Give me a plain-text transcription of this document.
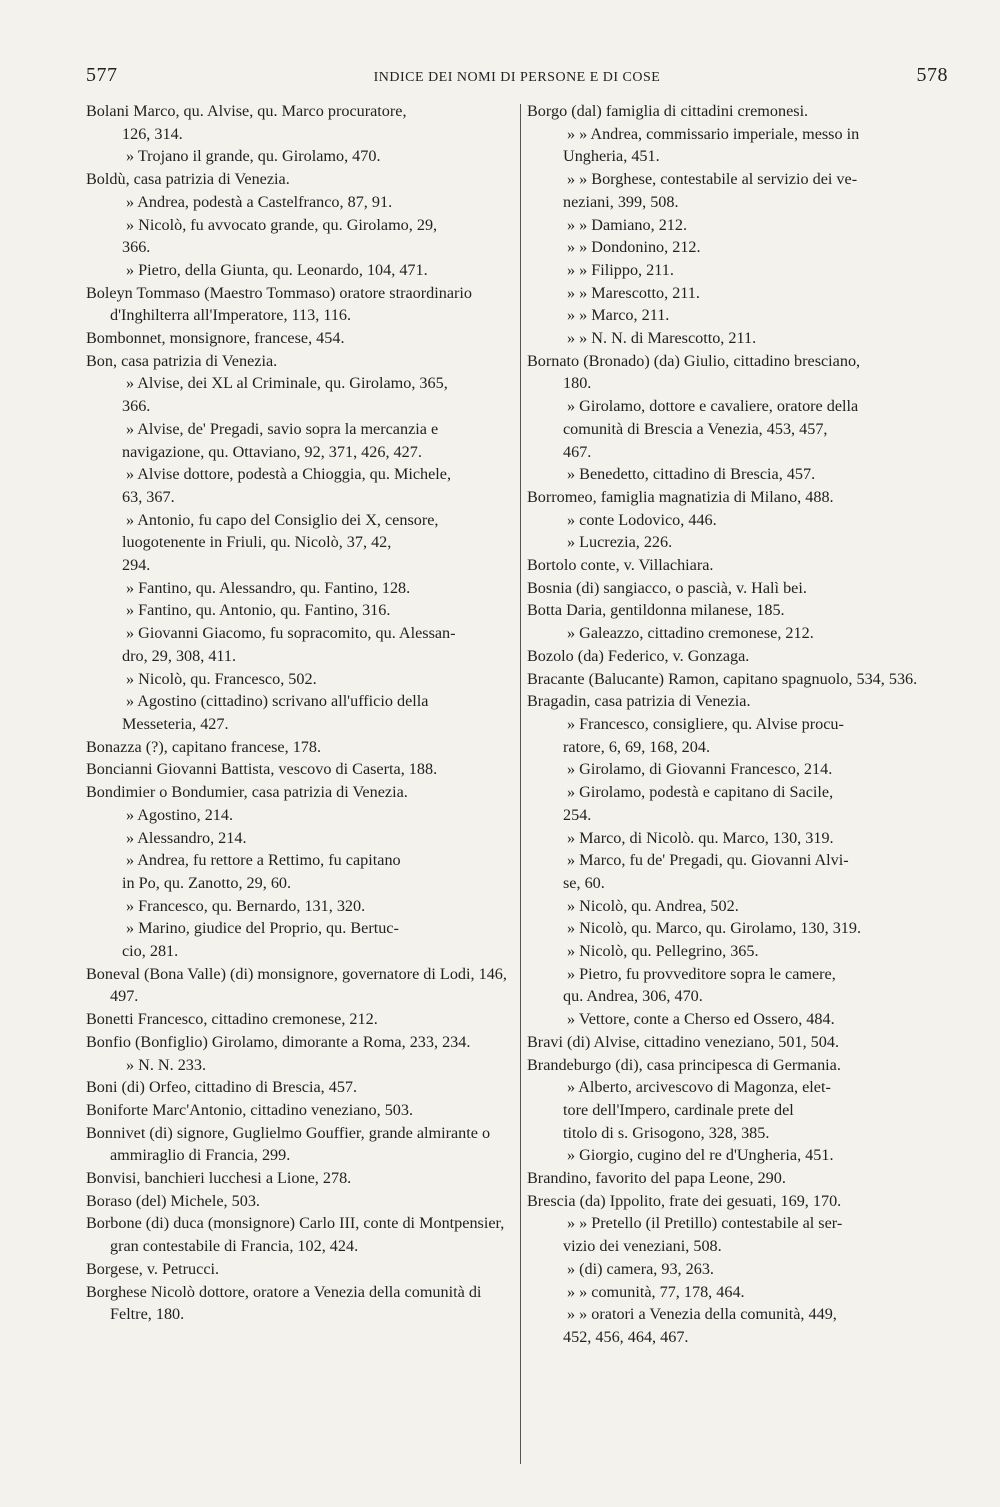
577	INDICE DEI NOMI DI PERSONE E DI COSE	578
Bolani Marco, qu. Alvise, qu. Marco procuratore,
126, 314.
» Trojano il grande, qu. Girolamo, 470.
Boldù, casa patrizia di Venezia.
» Andrea, podestà a Castelfranco, 87, 91.
» Nicolò, fu avvocato grande, qu. Girolamo, 29,
366.
» Pietro, della Giunta, qu. Leonardo, 104, 471.
Boleyn Tommaso (Maestro Tommaso) oratore straordinario d'Inghilterra all'Imperatore, 113, 116.
Bombonnet, monsignore, francese, 454.
Bon, casa patrizia di Venezia.
» Alvise, dei XL al Criminale, qu. Girolamo, 365,
366.
» Alvise, de' Pregadi, savio sopra la mercanzia e
navigazione, qu. Ottaviano, 92, 371, 426, 427.
» Alvise dottore, podestà a Chioggia, qu. Michele,
63, 367.
» Antonio, fu capo del Consiglio dei X, censore,
luogotenente in Friuli, qu. Nicolò, 37, 42,
294.
» Fantino, qu. Alessandro, qu. Fantino, 128.
» Fantino, qu. Antonio, qu. Fantino, 316.
» Giovanni Giacomo, fu sopracomito, qu. Alessan-
dro, 29, 308, 411.
» Nicolò, qu. Francesco, 502.
» Agostino (cittadino) scrivano all'ufficio della
Messeteria, 427.
Bonazza (?), capitano francese, 178.
Boncianni Giovanni Battista, vescovo di Caserta, 188.
Bondimier o Bondumier, casa patrizia di Venezia.
» Agostino, 214.
» Alessandro, 214.
» Andrea, fu rettore a Rettimo, fu capitano
in Po, qu. Zanotto, 29, 60.
» Francesco, qu. Bernardo, 131, 320.
» Marino, giudice del Proprio, qu. Bertuc-
cio, 281.
Boneval (Bona Valle) (di) monsignore, governatore di Lodi, 146, 497.
Bonetti Francesco, cittadino cremonese, 212.
Bonfio (Bonfiglio) Girolamo, dimorante a Roma, 233, 234.
» N. N. 233.
Boni (di) Orfeo, cittadino di Brescia, 457.
Boniforte Marc'Antonio, cittadino veneziano, 503.
Bonnivet (di) signore, Guglielmo Gouffier, grande almirante o ammiraglio di Francia, 299.
Bonvisi, banchieri lucchesi a Lione, 278.
Boraso (del) Michele, 503.
Borbone (di) duca (monsignore) Carlo III, conte di Montpensier, gran contestabile di Francia, 102, 424.
Borgese, v. Petrucci.
Borghese Nicolò dottore, oratore a Venezia della comunità di Feltre, 180.
Borgo (dal) famiglia di cittadini cremonesi.
» » Andrea, commissario imperiale, messo in
Ungheria, 451.
» » Borghese, contestabile al servizio dei ve-
neziani, 399, 508.
» » Damiano, 212.
» » Dondonino, 212.
» » Filippo, 211.
» » Marescotto, 211.
» » Marco, 211.
» » N. N. di Marescotto, 211.
Bornato (Bronado) (da) Giulio, cittadino bresciano,
180.
» Girolamo, dottore e cavaliere, oratore della
comunità di Brescia a Venezia, 453, 457,
467.
» Benedetto, cittadino di Brescia, 457.
Borromeo, famiglia magnatizia di Milano, 488.
» conte Lodovico, 446.
» Lucrezia, 226.
Bortolo conte, v. Villachiara.
Bosnia (di) sangiacco, o pascià, v. Halì bei.
Botta Daria, gentildonna milanese, 185.
» Galeazzo, cittadino cremonese, 212.
Bozolo (da) Federico, v. Gonzaga.
Bracante (Balucante) Ramon, capitano spagnuolo, 534, 536.
Bragadin, casa patrizia di Venezia.
» Francesco, consigliere, qu. Alvise procu-
ratore, 6, 69, 168, 204.
» Girolamo, di Giovanni Francesco, 214.
» Girolamo, podestà e capitano di Sacile,
254.
» Marco, di Nicolò. qu. Marco, 130, 319.
» Marco, fu de' Pregadi, qu. Giovanni Alvi-
se, 60.
» Nicolò, qu. Andrea, 502.
» Nicolò, qu. Marco, qu. Girolamo, 130, 319.
» Nicolò, qu. Pellegrino, 365.
» Pietro, fu provveditore sopra le camere,
qu. Andrea, 306, 470.
» Vettore, conte a Cherso ed Ossero, 484.
Bravi (di) Alvise, cittadino veneziano, 501, 504.
Brandeburgo (di), casa principesca di Germania.
» Alberto, arcivescovo di Magonza, elet-
tore dell'Impero, cardinale prete del
titolo di s. Grisogono, 328, 385.
» Giorgio, cugino del re d'Ungheria, 451.
Brandino, favorito del papa Leone, 290.
Brescia (da) Ippolito, frate dei gesuati, 169, 170.
» » Pretello (il Pretillo) contestabile al ser-
vizio dei veneziani, 508.
» (di) camera, 93, 263.
» » comunità, 77, 178, 464.
» » oratori a Venezia della comunità, 449,
452, 456, 464, 467.
